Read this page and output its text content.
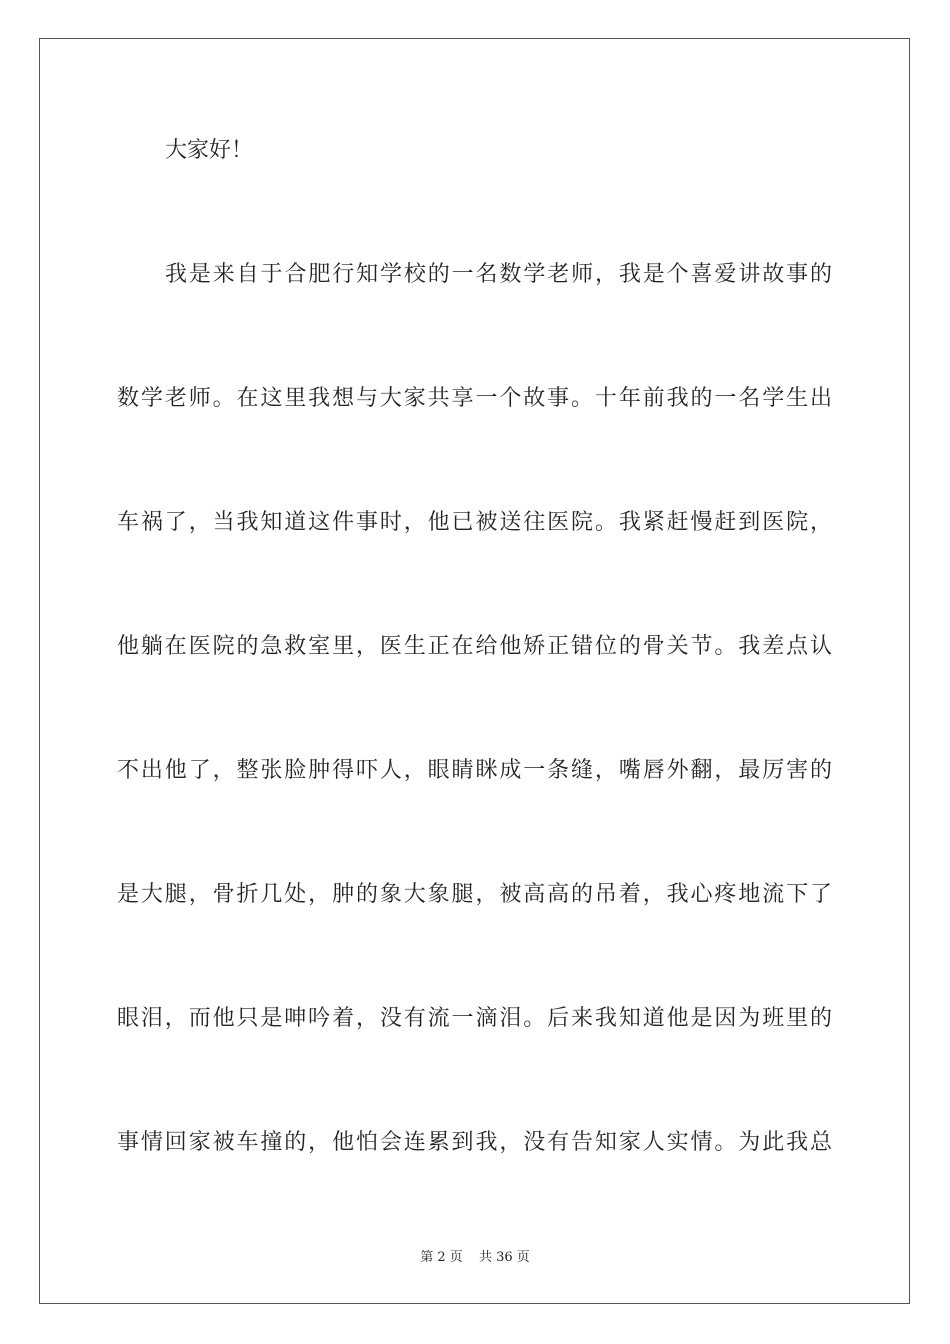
大家好！
我是来自于合肥行知学校的一名数学老师，我是个喜爱讲故事的
数学老师。在这里我想与大家共享一个故事。十年前我的一名学生出
车祸了，当我知道这件事时，他已被送往医院。我紧赶慢赶到医院，
他躺在医院的急救室里，医生正在给他矫正错位的骨关节。我差点认
不出他了，整张脸肿得吓人，眼睛眯成一条缝，嘴唇外翻，最厉害的
是大腿，骨折几处，肿的象大象腿，被高高的吊着，我心疼地流下了
眼泪，而他只是呻吟着，没有流一滴泪。后来我知道他是因为班里的
事情回家被车撞的，他怕会连累到我，没有告知家人实情。为此我总
第 2 页 共 36 页
